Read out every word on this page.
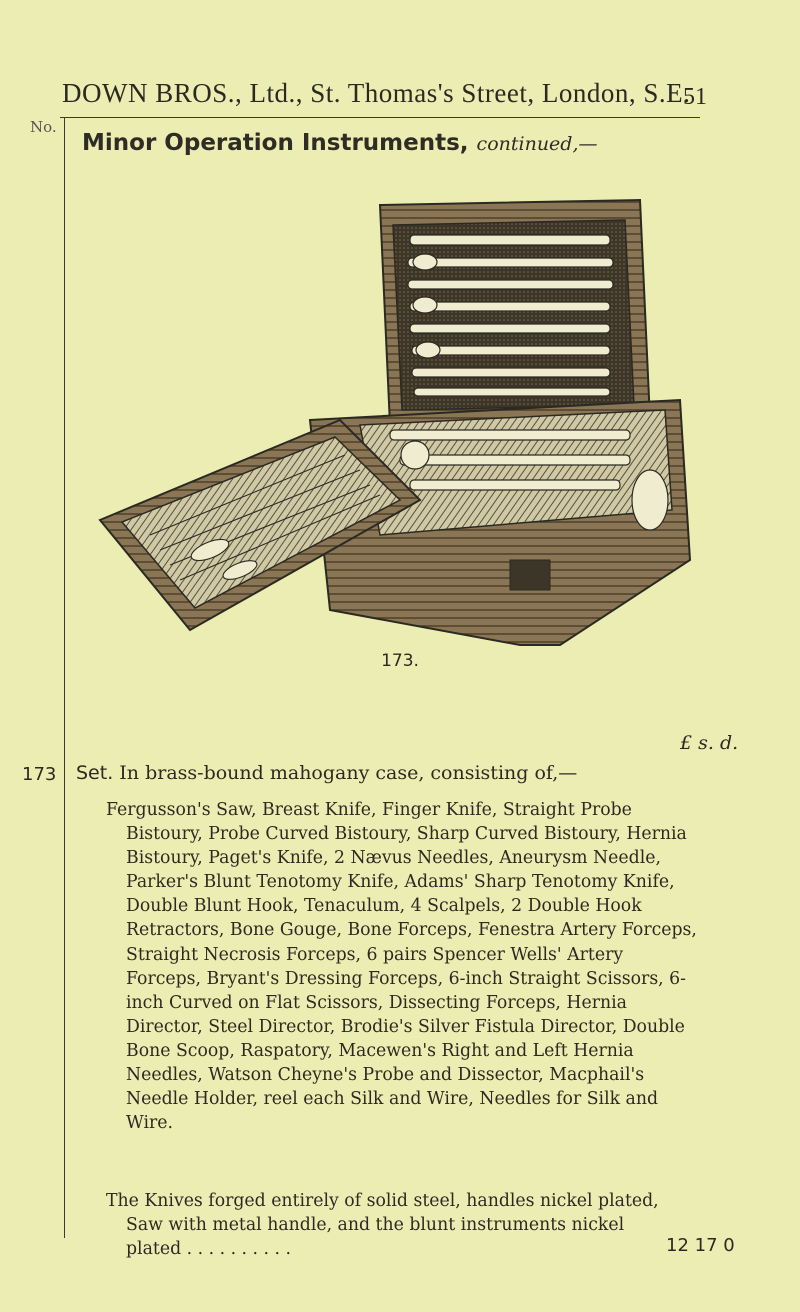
DOWN BROS., Ltd., St. Thomas's Street, London, S.E.
51
No.
Minor Operation Instruments, continued,—
173.
£ s. d.
173 Set. In brass-bound mahogany case, consisting of,—
Fergusson's Saw, Breast Knife, Finger Knife, Straight Probe Bistoury, Probe Curved Bistoury, Sharp Curved Bistoury, Hernia Bistoury, Paget's Knife, 2 Nævus Needles, Aneurysm Needle, Parker's Blunt Tenotomy Knife, Adams' Sharp Tenotomy Knife, Double Blunt Hook, Tenaculum, 4 Scalpels, 2 Double Hook Retractors, Bone Gouge, Bone Forceps, Fenestra Artery Forceps, Straight Necrosis Forceps, 6 pairs Spencer Wells' Artery Forceps, Bryant's Dressing Forceps, 6-inch Straight Scissors, 6-inch Curved on Flat Scissors, Dissecting Forceps, Hernia Director, Steel Director, Brodie's Silver Fistula Director, Double Bone Scoop, Raspatory, Macewen's Right and Left Hernia Needles, Watson Cheyne's Probe and Dissector, Macphail's Needle Holder, reel each Silk and Wire, Needles for Silk and Wire.
The Knives forged entirely of solid steel, handles nickel plated, Saw with metal handle, and the blunt instruments nickel plated . . . . . . . . . .	12 17 0
